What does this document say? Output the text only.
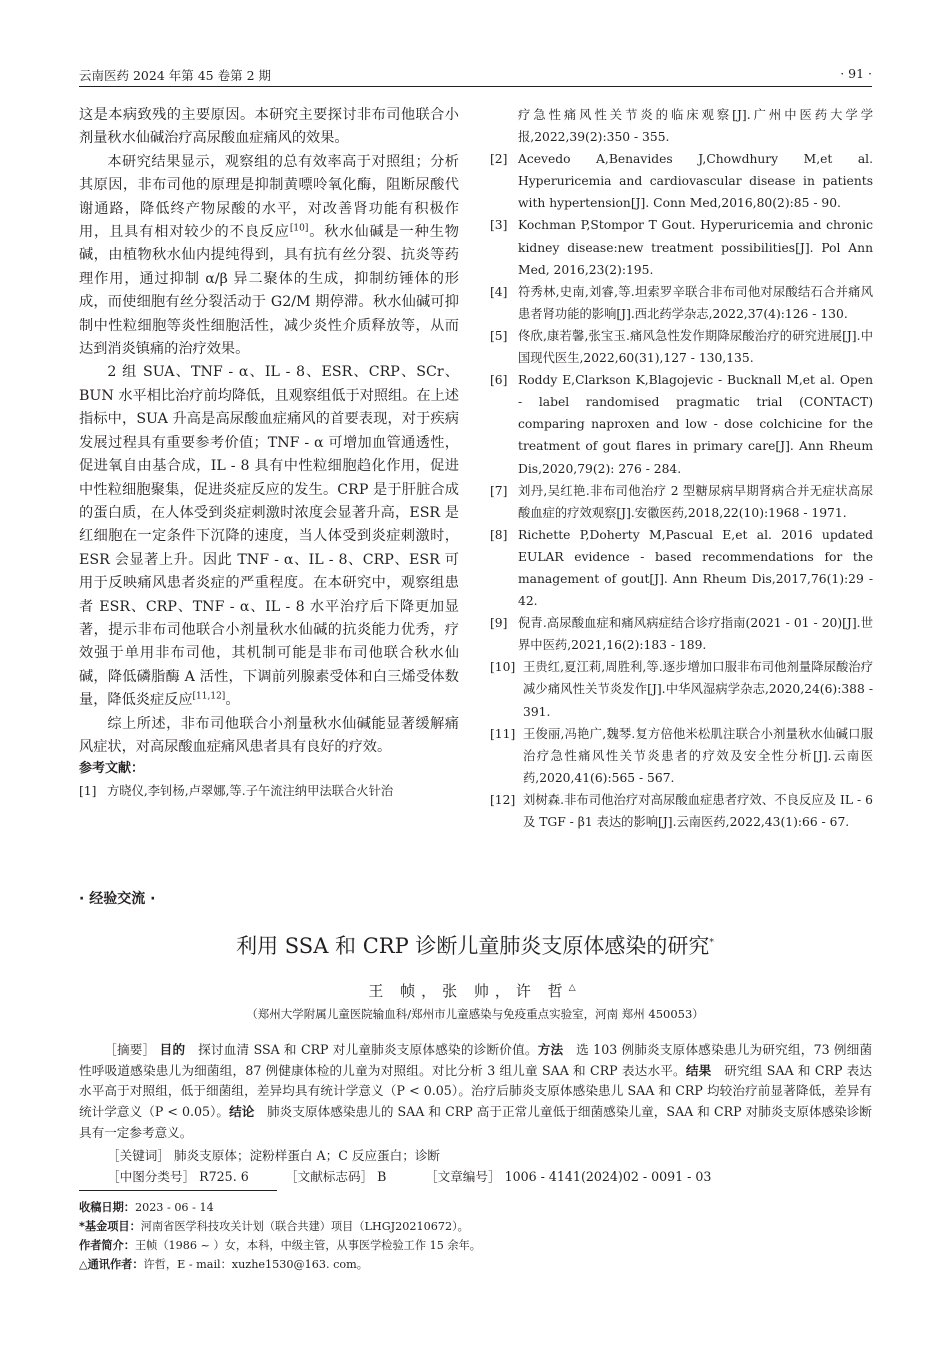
云南医药 2024 年第 45 卷第 2 期	· 91 ·

这是本病致残的主要原因。本研究主要探讨非布司他联合小剂量秋水仙碱治疗高尿酸血症痛风的效果。

本研究结果显示，观察组的总有效率高于对照组；分析其原因，非布司他的原理是抑制黄嘌呤氧化酶，阻断尿酸代谢通路，降低终产物尿酸的水平，对改善肾功能有积极作用，且具有相对较少的不良反应[10]。秋水仙碱是一种生物碱，由植物秋水仙内提纯得到，具有抗有丝分裂、抗炎等药理作用，通过抑制 α/β 异二聚体的生成，抑制纺锤体的形成，而使细胞有丝分裂活动于 G2/M 期停滞。秋水仙碱可抑制中性粒细胞等炎性细胞活性，减少炎性介质释放等，从而达到消炎镇痛的治疗效果。

2 组 SUA、TNF - α、IL - 8、ESR、CRP、SCr、BUN 水平相比治疗前均降低，且观察组低于对照组。在上述指标中，SUA 升高是高尿酸血症痛风的首要表现，对于疾病发展过程具有重要参考价值；TNF - α 可增加血管通透性，促进氧自由基合成，IL - 8 具有中性粒细胞趋化作用，促进中性粒细胞聚集，促进炎症反应的发生。CRP 是于肝脏合成的蛋白质，在人体受到炎症刺激时浓度会显著升高，ESR 是红细胞在一定条件下沉降的速度，当人体受到炎症刺激时，ESR 会显著上升。因此 TNF - α、IL - 8、CRP、ESR 可用于反映痛风患者炎症的严重程度。在本研究中，观察组患者 ESR、CRP、TNF - α、IL - 8 水平治疗后下降更加显著，提示非布司他联合小剂量秋水仙碱的抗炎能力优秀，疗效强于单用非布司他，其机制可能是非布司他联合秋水仙碱，降低磷脂酶 A 活性，下调前列腺素受体和白三烯受体数量，降低炎症反应[11,12]。

综上所述，非布司他联合小剂量秋水仙碱能显著缓解痛风症状，对高尿酸血症痛风患者具有良好的疗效。

参考文献：
[1] 方晓仪,李钊杨,卢翠娜,等.子午流注纳甲法联合火针治

疗急性痛风性关节炎的临床观察[J].广州中医药大学学报,2022,39(2):350 - 355.

[2] Acevedo A,Benavides J,Chowdhury M,et al. Hyperuricemia and cardiovascular disease in patients with hypertension[J]. Conn Med,2016,80(2):85 - 90.
[3] Kochman P,Stompor T Gout. Hyperuricemia and chronic kidney disease:new treatment possibilities[J]. Pol Ann Med, 2016,23(2):195.
[4] 符秀林,史南,刘睿,等.坦索罗辛联合非布司他对尿酸结石合并痛风患者肾功能的影响[J].西北药学杂志,2022,37(4):126 - 130.
[5] 佟欣,康若馨,张宝玉.痛风急性发作期降尿酸治疗的研究进展[J].中国现代医生,2022,60(31),127 - 130,135.
[6] Roddy E,Clarkson K,Blagojevic - Bucknall M,et al. Open - label randomised pragmatic trial (CONTACT) comparing naproxen and low - dose colchicine for the treatment of gout flares in primary care[J]. Ann Rheum Dis,2020,79(2): 276 - 284.
[7] 刘丹,吴红艳.非布司他治疗 2 型糖尿病早期肾病合并无症状高尿酸血症的疗效观察[J].安徽医药,2018,22(10):1968 - 1971.
[8] Richette P,Doherty M,Pascual E,et al. 2016 updated EULAR evidence - based recommendations for the management of gout[J]. Ann Rheum Dis,2017,76(1):29 - 42.
[9] 倪青.高尿酸血症和痛风病症结合诊疗指南(2021 - 01 - 20)[J].世界中医药,2021,16(2):183 - 189.
[10] 王贵红,夏江莉,周胜利,等.逐步增加口服非布司他剂量降尿酸治疗减少痛风性关节炎发作[J].中华风湿病学杂志,2020,24(6):388 - 391.
[11] 王俊丽,冯艳广,魏琴.复方倍他米松肌注联合小剂量秋水仙碱口服治疗急性痛风性关节炎患者的疗效及安全性分析[J].云南医药,2020,41(6):565 - 567.
[12] 刘树森.非布司他治疗对高尿酸血症患者疗效、不良反应及 IL - 6 及 TGF - β1 表达的影响[J].云南医药,2022,43(1):66 - 67.
· 经验交流 ·
利用 SSA 和 CRP 诊断儿童肺炎支原体感染的研究*
王 帧，张 帅，许 哲△
（郑州大学附属儿童医院输血科/郑州市儿童感染与免疫重点实验室，河南 郑州 450053）

［摘要］ 目的　 探讨血清 SSA 和 CRP 对儿童肺炎支原体感染的诊断价值。方法　 选 103 例肺炎支原体感染患儿为研究组，73 例细菌性呼吸道感染患儿为细菌组，87 例健康体检的儿童为对照组。对比分析 3 组儿童 SAA 和 CRP 表达水平。结果　 研究组 SAA 和 CRP 表达水平高于对照组，低于细菌组，差异均具有统计学意义（P < 0.05）。治疗后肺炎支原体感染患儿 SAA 和 CRP 均较治疗前显著降低，差异有统计学意义（P < 0.05）。结论　 肺炎支原体感染患儿的 SAA 和 CRP 高于正常儿童低于细菌感染儿童，SAA 和 CRP 对肺炎支原体感染诊断具有一定参考意义。

［关键词］ 肺炎支原体；淀粉样蛋白 A；C 反应蛋白；诊断
［中图分类号］ R725. 6	［文献标志码］ B	［文章编号］ 1006 - 4141(2024)02 - 0091 - 03
收稿日期：2023 - 06 - 14
*基金项目：河南省医学科技攻关计划（联合共建）项目（LHGJ20210672）。
作者简介：王帧（1986 ~ ）女，本科，中级主管，从事医学检验工作 15 余年。
△通讯作者：许哲，E - mail：xuzhe1530@163. com。
